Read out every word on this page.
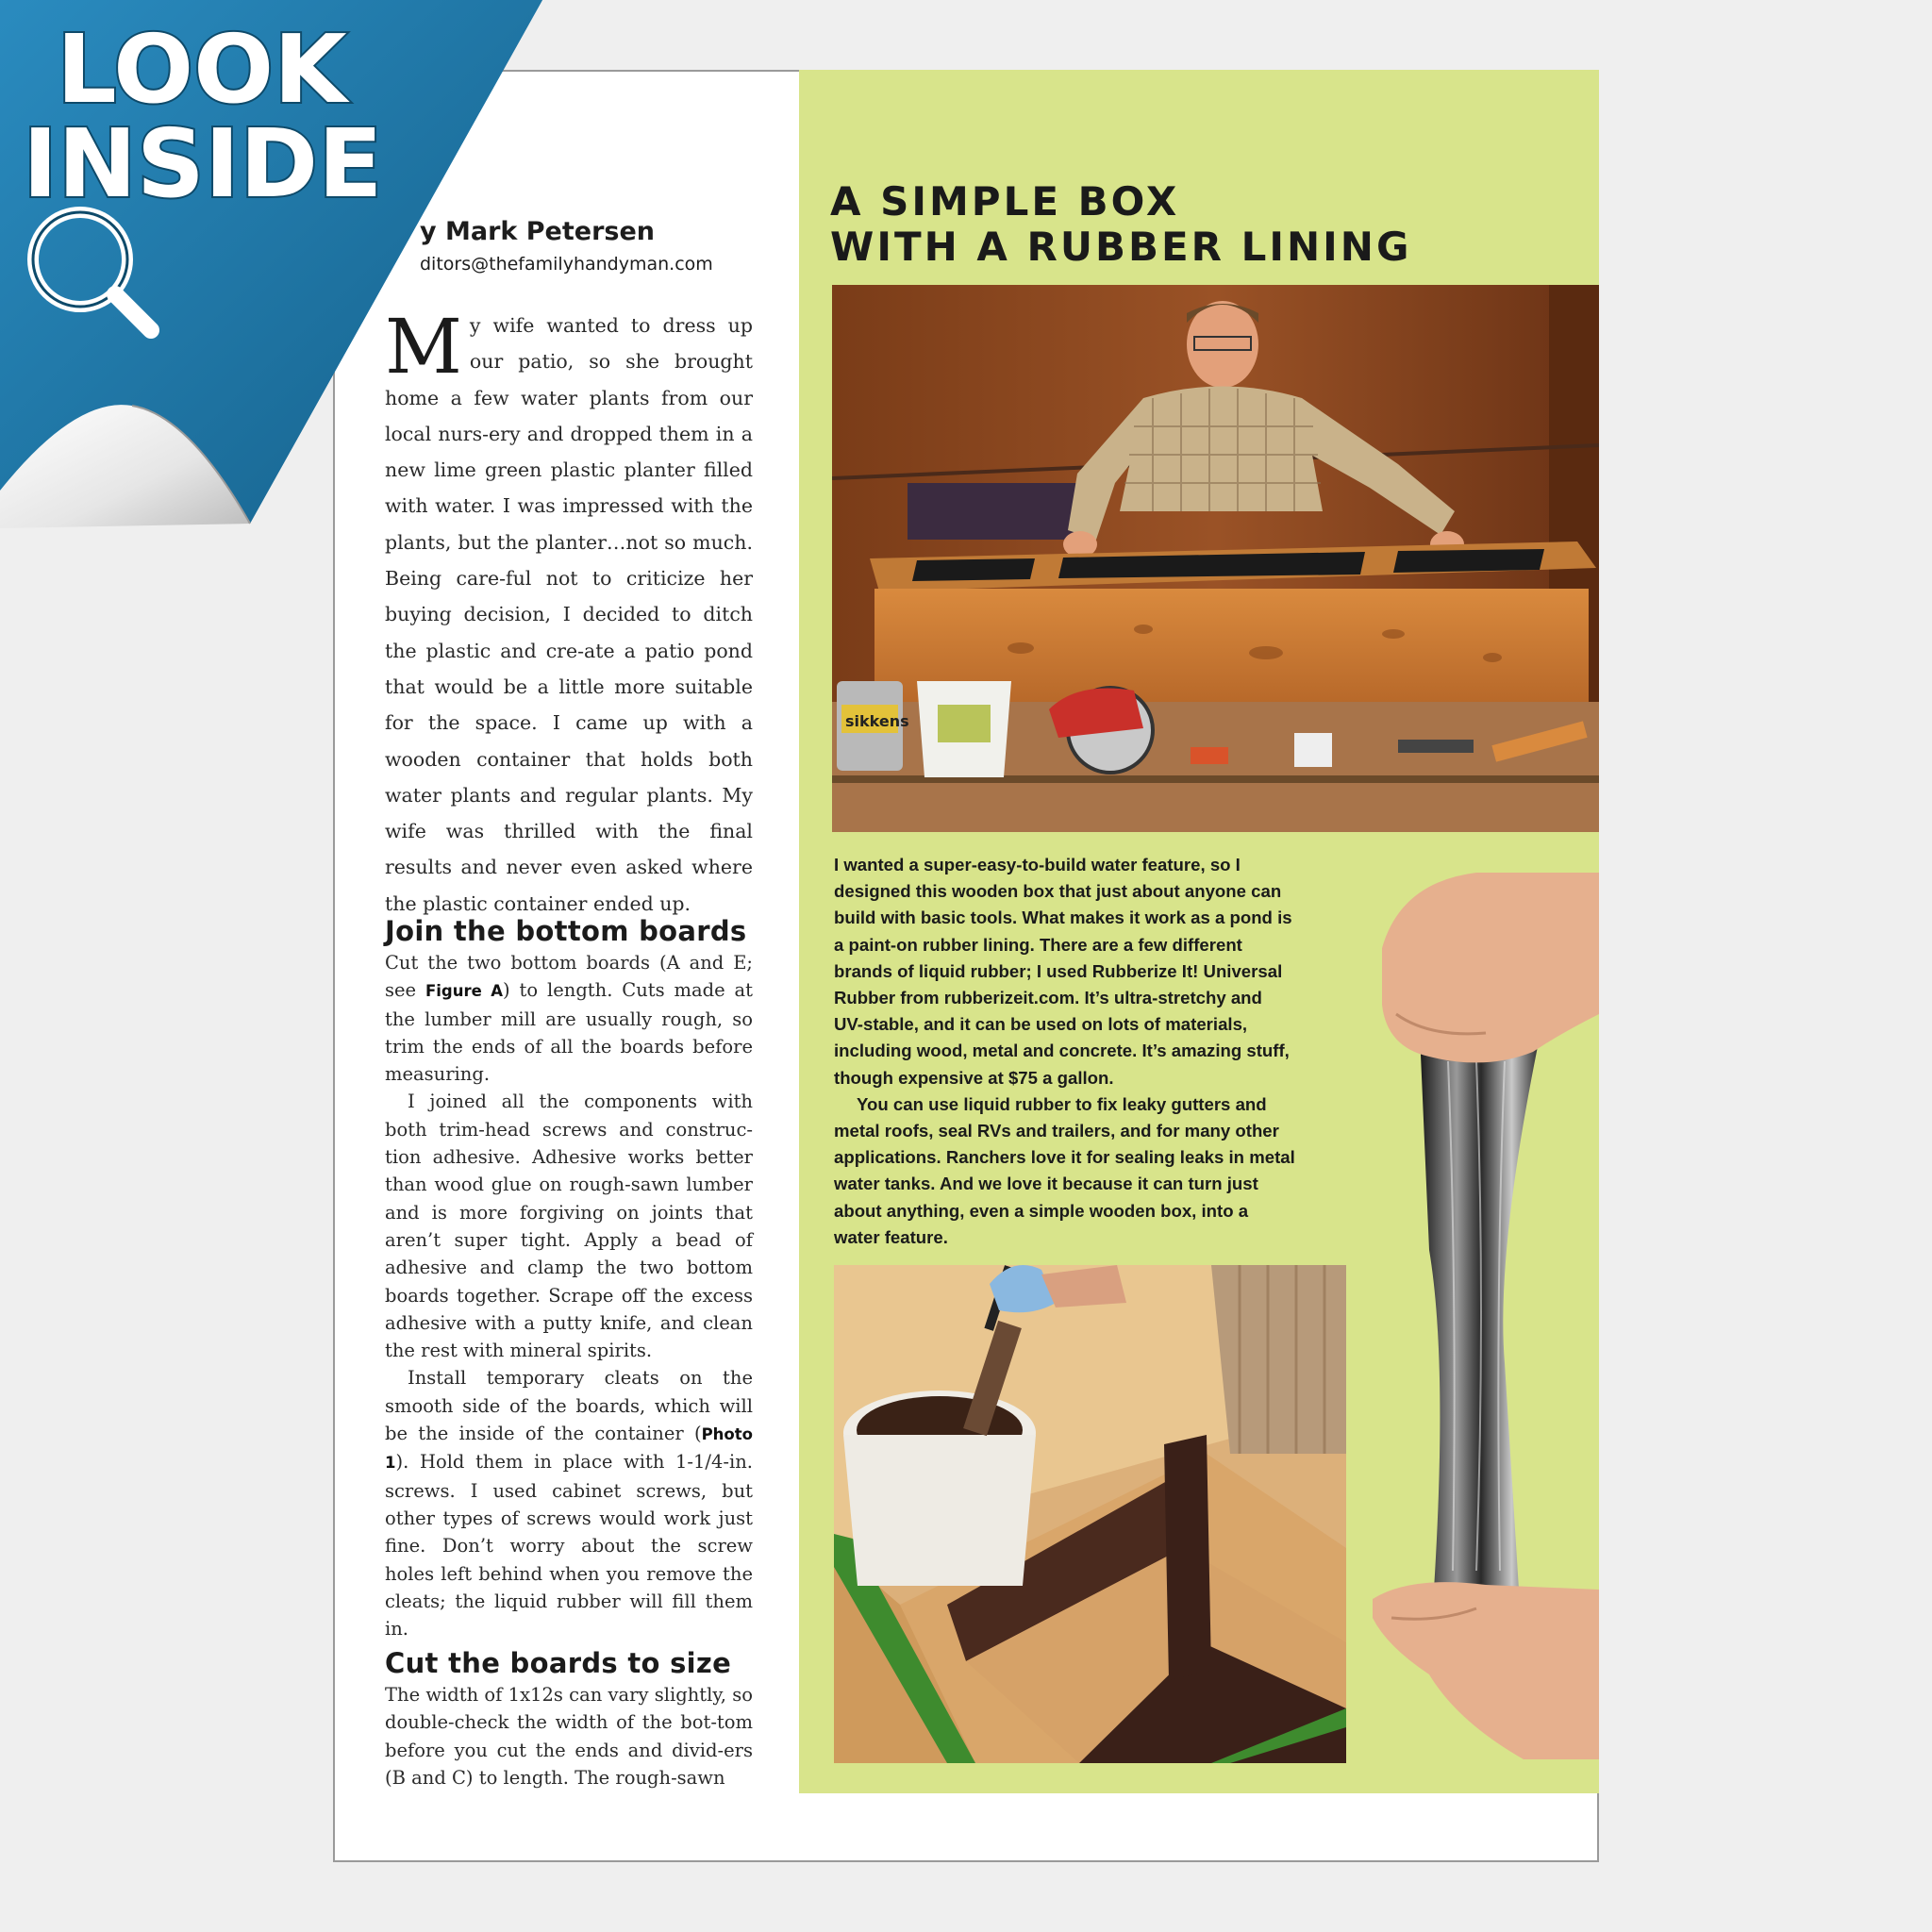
y Mark Petersen
ditors@thefamilyhandyman.com
My wife wanted to dress up our patio, so she brought home a few water plants from our local nurs-ery and dropped them in a new lime green plastic planter filled with water. I was impressed with the plants, but the planter…not so much. Being care-ful not to criticize her buying decision, I decided to ditch the plastic and cre-ate a patio pond that would be a little more suitable for the space. I came up with a wooden container that holds both water plants and regular plants. My wife was thrilled with the final results and never even asked where the plastic container ended up.
Join the bottom boards

Cut the two bottom boards (A and E; see Figure A) to length. Cuts made at the lumber mill are usually rough, so trim the ends of all the boards before measuring.

I joined all the components with both trim-head screws and construc-tion adhesive. Adhesive works better than wood glue on rough-sawn lumber and is more forgiving on joints that aren’t super tight. Apply a bead of adhesive and clamp the two bottom boards together. Scrape off the excess adhesive with a putty knife, and clean the rest with mineral spirits.

Install temporary cleats on the smooth side of the boards, which will be the inside of the container (Photo 1). Hold them in place with 1-1/4-in. screws. I used cabinet screws, but other types of screws would work just fine. Don’t worry about the screw holes left behind when you remove the cleats; the liquid rubber will fill them in.

Cut the boards to size

The width of 1x12s can vary slightly, so double-check the width of the bot-tom before you cut the ends and divid-ers (B and C) to length. The rough-sawn

A SIMPLE BOX
WITH A RUBBER LINING
sikkens

I wanted a super-easy-to-build water feature, so I

designed this wooden box that just about anyone can

build with basic tools. What makes it work as a pond is

a paint-on rubber lining. There are a few different

brands of liquid rubber; I used Rubberize It! Universal

Rubber from rubberizeit.com. It’s ultra-stretchy and

UV-stable, and it can be used on lots of materials,

including wood, metal and concrete. It’s amazing stuff,

though expensive at $75 a gallon.

You can use liquid rubber to fix leaky gutters and

metal roofs, seal RVs and trailers, and for many other

applications. Ranchers love it for sealing leaks in metal

water tanks. And we love it because it can turn just

about anything, even a simple wooden box, into a

water feature.

LOOK
INSIDE
